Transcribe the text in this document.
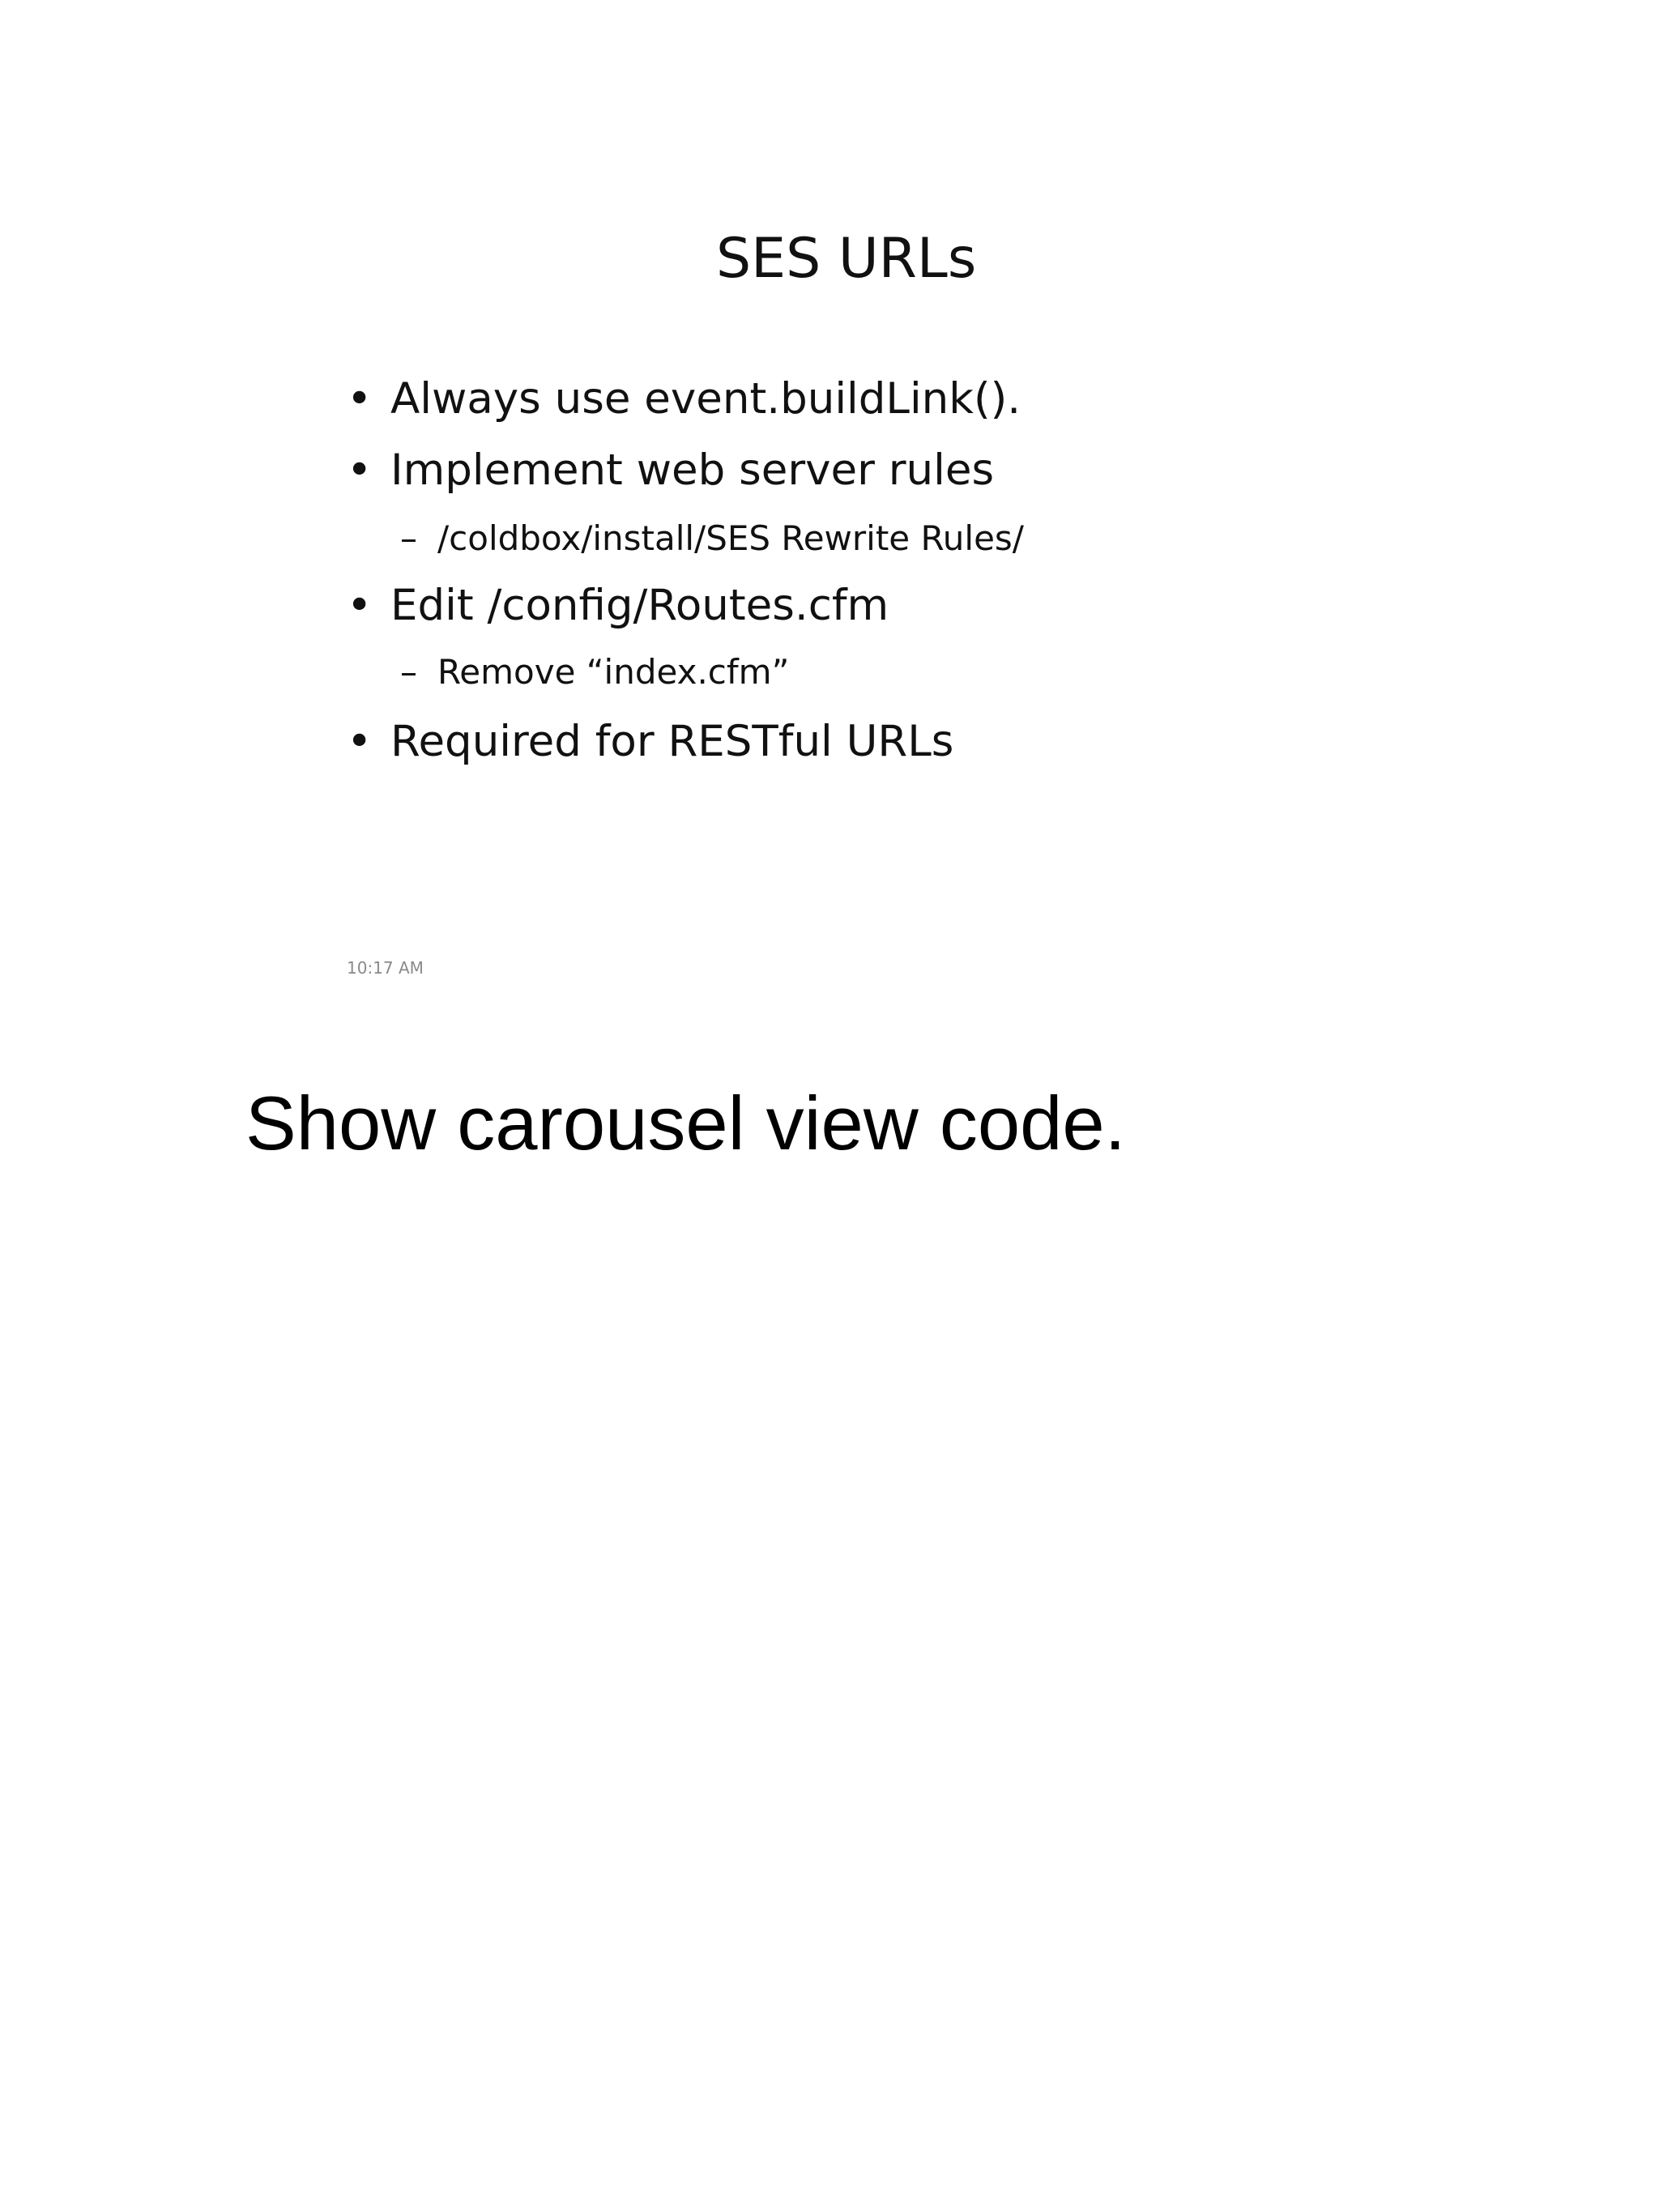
SES URLs
• Always use event.buildLink().
• Implement web server rules
– /coldbox/install/SES Rewrite Rules/
• Edit /config/Routes.cfm
– Remove “index.cfm”
• Required for RESTful URLs
10:17 AM
Show carousel view code.
